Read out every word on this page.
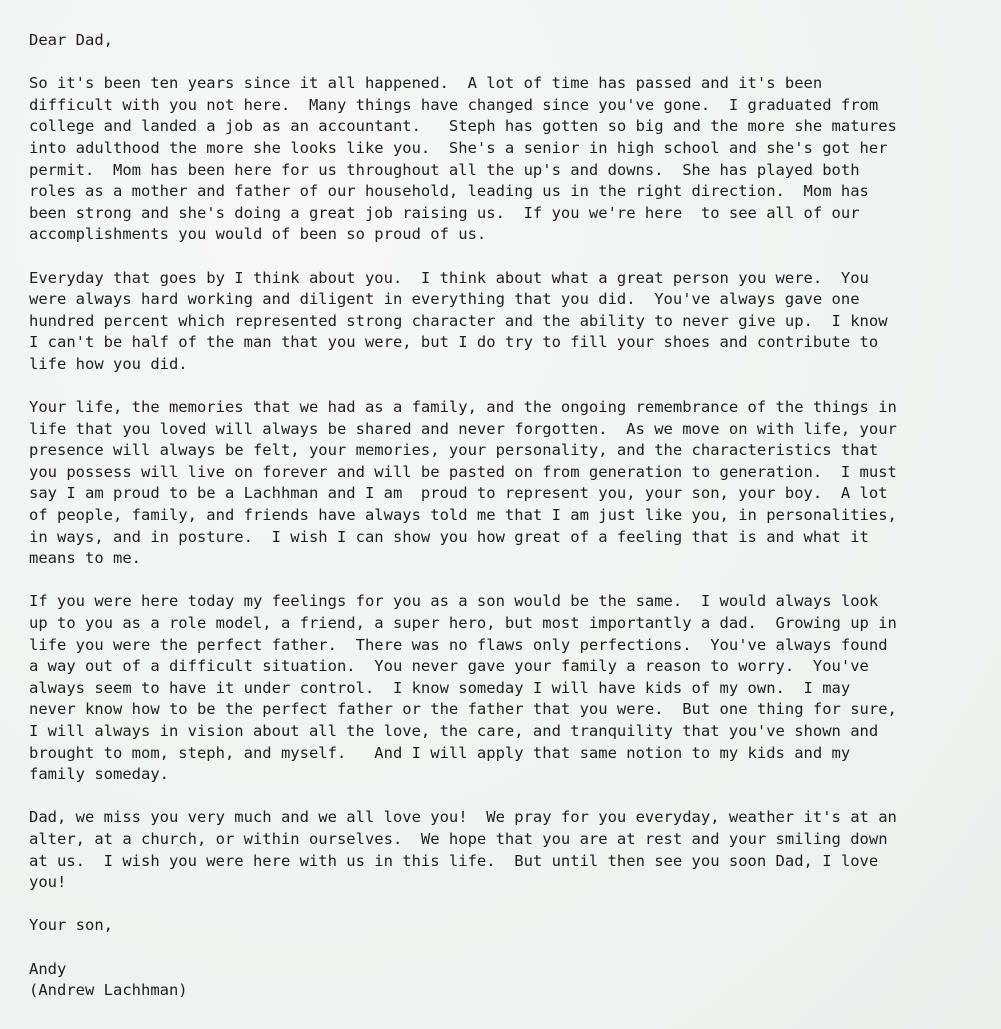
Dear Dad,
So it's been ten years since it all happened.  A lot of time has passed and it's been
difficult with you not here.  Many things have changed since you've gone.  I graduated from
college and landed a job as an accountant.   Steph has gotten so big and the more she matures
into adulthood the more she looks like you.  She's a senior in high school and she's got her
permit.  Mom has been here for us throughout all the up's and downs.  She has played both
roles as a mother and father of our household, leading us in the right direction.  Mom has
been strong and she's doing a great job raising us.  If you we're here  to see all of our
accomplishments you would of been so proud of us.
Everyday that goes by I think about you.  I think about what a great person you were.  You
were always hard working and diligent in everything that you did.  You've always gave one
hundred percent which represented strong character and the ability to never give up.  I know
I can't be half of the man that you were, but I do try to fill your shoes and contribute to
life how you did.
Your life, the memories that we had as a family, and the ongoing remembrance of the things in
life that you loved will always be shared and never forgotten.  As we move on with life, your
presence will always be felt, your memories, your personality, and the characteristics that
you possess will live on forever and will be pasted on from generation to generation.  I must
say I am proud to be a Lachhman and I am  proud to represent you, your son, your boy.  A lot
of people, family, and friends have always told me that I am just like you, in personalities,
in ways, and in posture.  I wish I can show you how great of a feeling that is and what it
means to me.
If you were here today my feelings for you as a son would be the same.  I would always look
up to you as a role model, a friend, a super hero, but most importantly a dad.  Growing up in
life you were the perfect father.  There was no flaws only perfections.  You've always found
a way out of a difficult situation.  You never gave your family a reason to worry.  You've
always seem to have it under control.  I know someday I will have kids of my own.  I may
never know how to be the perfect father or the father that you were.  But one thing for sure,
I will always in vision about all the love, the care, and tranquility that you've shown and
brought to mom, steph, and myself.   And I will apply that same notion to my kids and my
family someday.
Dad, we miss you very much and we all love you!  We pray for you everyday, weather it's at an
alter, at a church, or within ourselves.  We hope that you are at rest and your smiling down
at us.  I wish you were here with us in this life.  But until then see you soon Dad, I love
you!
Your son,
Andy
(Andrew Lachhman)
